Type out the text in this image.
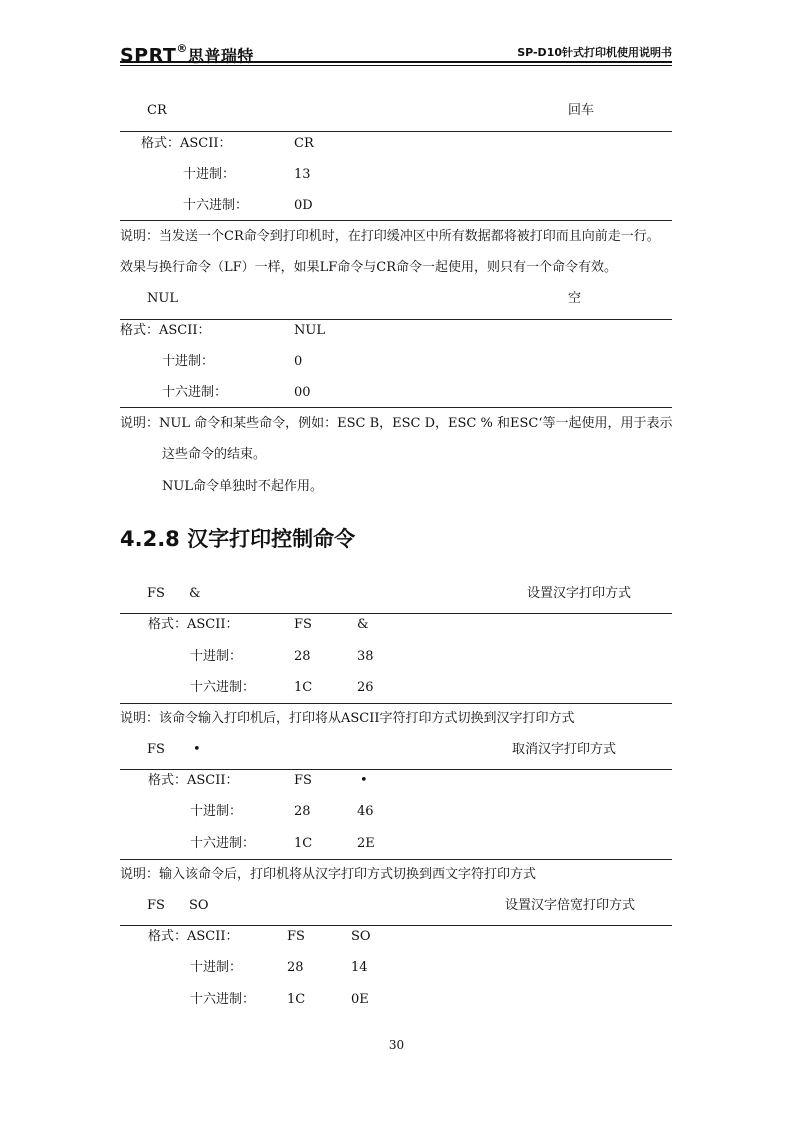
SPRT®思普瑞特	SP-D10针式打印机使用说明书
CR	回车
格式：ASCII：	CR
十进制：	13
十六进制：	0D
说明：当发送一个CR命令到打印机时，在打印缓冲区中所有数据都将被打印而且向前走一行。
效果与换行命令（LF）一样，如果LF命令与CR命令一起使用，则只有一个命令有效。
NUL	空
格式：ASCII：	NUL
十进制：	0
十六进制：	00
说明：NUL 命令和某些命令，例如：ESC B，ESC D，ESC % 和ESC‘等一起使用，用于表示
这些命令的结束。
NUL命令单独时不起作用。
4.2.8 汉字打印控制命令
FS &	设置汉字打印方式
格式：ASCII：	FS	&
十进制：	28	38
十六进制：	1C	26
说明：该命令输入打印机后，打印将从ASCII字符打印方式切换到汉字打印方式
FS •	取消汉字打印方式
格式：ASCII：	FS	•
十进制：	28	46
十六进制：	1C	2E
说明：输入该命令后，打印机将从汉字打印方式切换到西文字符打印方式
FS SO	设置汉字倍宽打印方式
格式：ASCII：	FS	SO
十进制：	28	14
十六进制： 1C	0E
30
